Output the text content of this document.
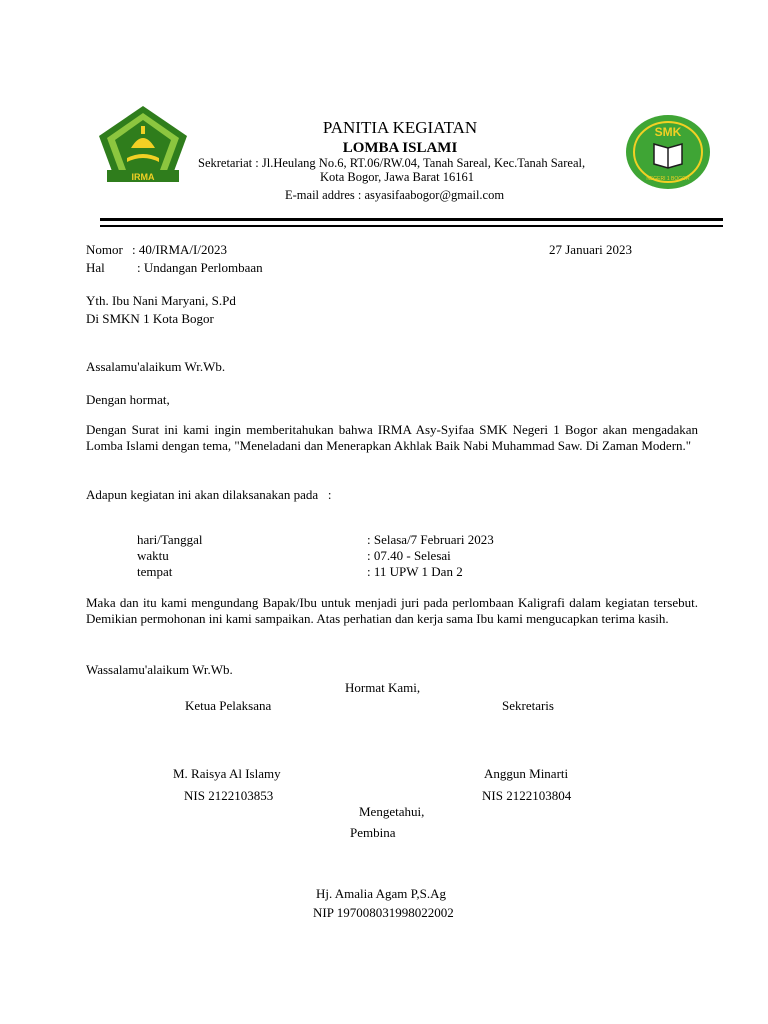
IRMA
SMK
NEGERI 1 BOGOR
PANITIA KEGIATAN
LOMBA ISLAMI
Sekretariat : Jl.Heulang No.6, RT.06/RW.04, Tanah Sareal, Kec.Tanah Sareal,
Kota Bogor, Jawa Barat 16161
E-mail addres : asyasifaabogor@gmail.com
Nomor : 40/IRMA/I/2023	27 Januari 2023
Hal : Undangan Perlombaan
Yth. Ibu Nani Maryani, S.Pd
Di SMKN 1 Kota Bogor
Assalamu'alaikum Wr.Wb.
Dengan hormat,
Dengan Surat ini kami ingin memberitahukan bahwa IRMA Asy-Syifaa SMK Negeri 1 Bogor akan mengadakan Lomba Islami dengan tema, "Meneladani dan Menerapkan Akhlak Baik Nabi Muhammad Saw. Di Zaman Modern."
Adapun kegiatan ini akan dilaksanakan pada   :
hari/Tanggal	: Selasa/7 Februari 2023
waktu	: 07.40 - Selesai
tempat	: 11 UPW 1 Dan 2
Maka dan itu kami mengundang Bapak/Ibu untuk menjadi juri pada perlombaan Kaligrafi dalam kegiatan tersebut. Demikian permohonan ini kami sampaikan. Atas perhatian dan kerja sama Ibu kami mengucapkan terima kasih.
Wassalamu'alaikum Wr.Wb.
Hormat Kami,
Ketua Pelaksana	Sekretaris
M. Raisya Al Islamy	Anggun Minarti
NIS 2122103853	NIS 2122103804
Mengetahui,
Pembina
Hj. Amalia Agam P,S.Ag
NIP 197008031998022002
